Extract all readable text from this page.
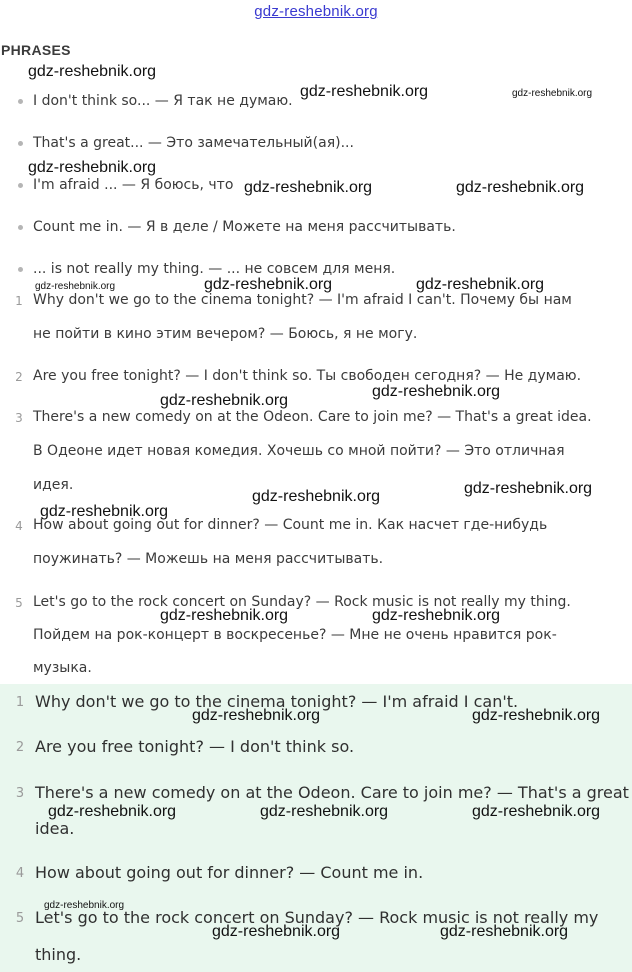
gdz-reshebnik.org
PHRASES
I don't think so... — Я так не думаю.
That's a great... — Это замечательный(ая)...
I'm afraid ... — Я боюсь, что
Count me in. — Я в деле / Можете на меня рассчитывать.
... is not really my thing. — ... не совсем для меня.
1 Why don't we go to the cinema tonight? — I'm afraid I can't. Почему бы нам
не пойти в кино этим вечером? — Боюсь, я не могу.
2 Are you free tonight? — I don't think so. Ты свободен сегодня? — Не думаю.
3 There's a new comedy on at the Odeon. Care to join me? — That's a great idea.
В Одеоне идет новая комедия. Хочешь со мной пойти? — Это отличная
идея.
4 How about going out for dinner? — Count me in. Как насчет где-нибудь
поужинать? — Можешь на меня рассчитывать.
5 Let's go to the rock concert on Sunday? — Rock music is not really my thing.
Пойдем на рок-концерт в воскресенье? — Мне не очень нравится рок-
музыка.
1 Why don't we go to the cinema tonight? — I'm afraid I can't.
2 Are you free tonight? — I don't think so.
3 There's a new comedy on at the Odeon. Care to join me? — That's a great
idea.
4 How about going out for dinner? — Count me in.
5 Let's go to the rock concert on Sunday? — Rock music is not really my
thing.
gdz-reshebnik.org
gdz-reshebnik.org	gdz-reshebnik.org
gdz-reshebnik.org
gdz-reshebnik.org	gdz-reshebnik.org
gdz-reshebnik.org	gdz-reshebnik.org	gdz-reshebnik.org
gdz-reshebnik.org
gdz-reshebnik.org
gdz-reshebnik.org
gdz-reshebnik.org
gdz-reshebnik.org
gdz-reshebnik.org	gdz-reshebnik.org
gdz-reshebnik.org	gdz-reshebnik.org
gdz-reshebnik.org	gdz-reshebnik.org	gdz-reshebnik.org
gdz-reshebnik.org
gdz-reshebnik.org	gdz-reshebnik.org
